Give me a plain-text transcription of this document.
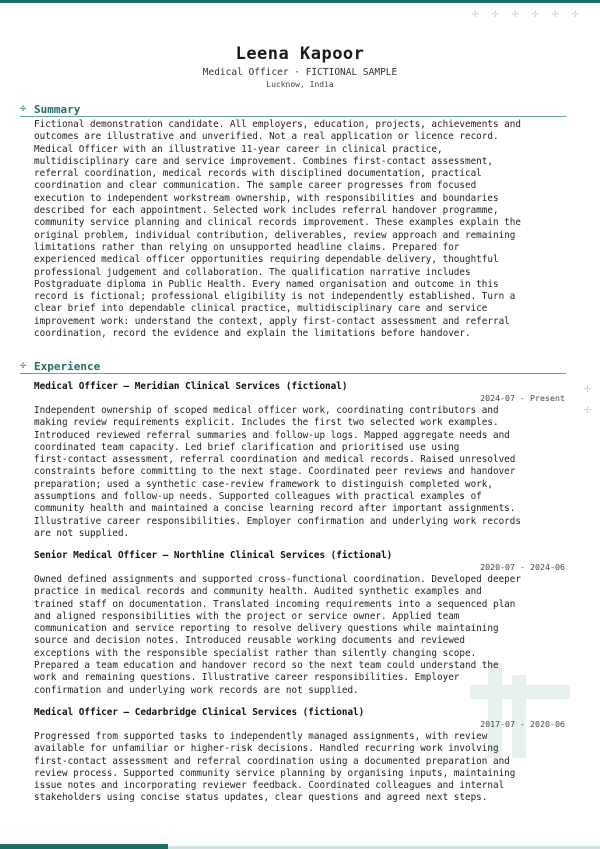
✢ ✢ ✢ ✢ ✢ ✢
✢
✢
Leena Kapoor
Medical Officer · FICTIONAL SAMPLE
Lucknow, India
✢ Summary
Fictional demonstration candidate. All employers, education, projects, achievements and
outcomes are illustrative and unverified. Not a real application or licence record.
Medical Officer with an illustrative 11-year career in clinical practice,
multidisciplinary care and service improvement. Combines first-contact assessment,
referral coordination, medical records with disciplined documentation, practical
coordination and clear communication. The sample career progresses from focused
execution to independent workstream ownership, with responsibilities and boundaries
described for each appointment. Selected work includes referral handover programme,
community service planning and clinical records improvement. These examples explain the
original problem, individual contribution, deliverables, review approach and remaining
limitations rather than relying on unsupported headline claims. Prepared for
experienced medical officer opportunities requiring dependable delivery, thoughtful
professional judgement and collaboration. The qualification narrative includes
Postgraduate diploma in Public Health. Every named organisation and outcome in this
record is fictional; professional eligibility is not independently established. Turn a
clear brief into dependable clinical practice, multidisciplinary care and service
improvement work: understand the context, apply first-contact assessment and referral
coordination, record the evidence and explain the limitations before handover.
✢ Experience
Medical Officer — Meridian Clinical Services (fictional)
2024-07 - Present
Independent ownership of scoped medical officer work, coordinating contributors and
making review requirements explicit. Includes the first two selected work examples.
Introduced reviewed referral summaries and follow-up logs. Mapped aggregate needs and
coordinated team capacity. Led brief clarification and prioritised use using
first-contact assessment, referral coordination and medical records. Raised unresolved
constraints before committing to the next stage. Coordinated peer reviews and handover
preparation; used a synthetic case-review framework to distinguish completed work,
assumptions and follow-up needs. Supported colleagues with practical examples of
community health and maintained a concise learning record after important assignments.
Illustrative career responsibilities. Employer confirmation and underlying work records
are not supplied.
Senior Medical Officer — Northline Clinical Services (fictional)
2020-07 - 2024-06
Owned defined assignments and supported cross-functional coordination. Developed deeper
practice in medical records and community health. Audited synthetic examples and
trained staff on documentation. Translated incoming requirements into a sequenced plan
and aligned responsibilities with the project or service owner. Applied team
communication and service reporting to resolve delivery questions while maintaining
source and decision notes. Introduced reusable working documents and reviewed
exceptions with the responsible specialist rather than silently changing scope.
Prepared a team education and handover record so the next team could understand the
work and remaining questions. Illustrative career responsibilities. Employer
confirmation and underlying work records are not supplied.
Medical Officer — Cedarbridge Clinical Services (fictional)
2017-07 - 2020-06
Progressed from supported tasks to independently managed assignments, with review
available for unfamiliar or higher-risk decisions. Handled recurring work involving
first-contact assessment and referral coordination using a documented preparation and
review process. Supported community service planning by organising inputs, maintaining
issue notes and incorporating reviewer feedback. Coordinated colleagues and internal
stakeholders using concise status updates, clear questions and agreed next steps.
